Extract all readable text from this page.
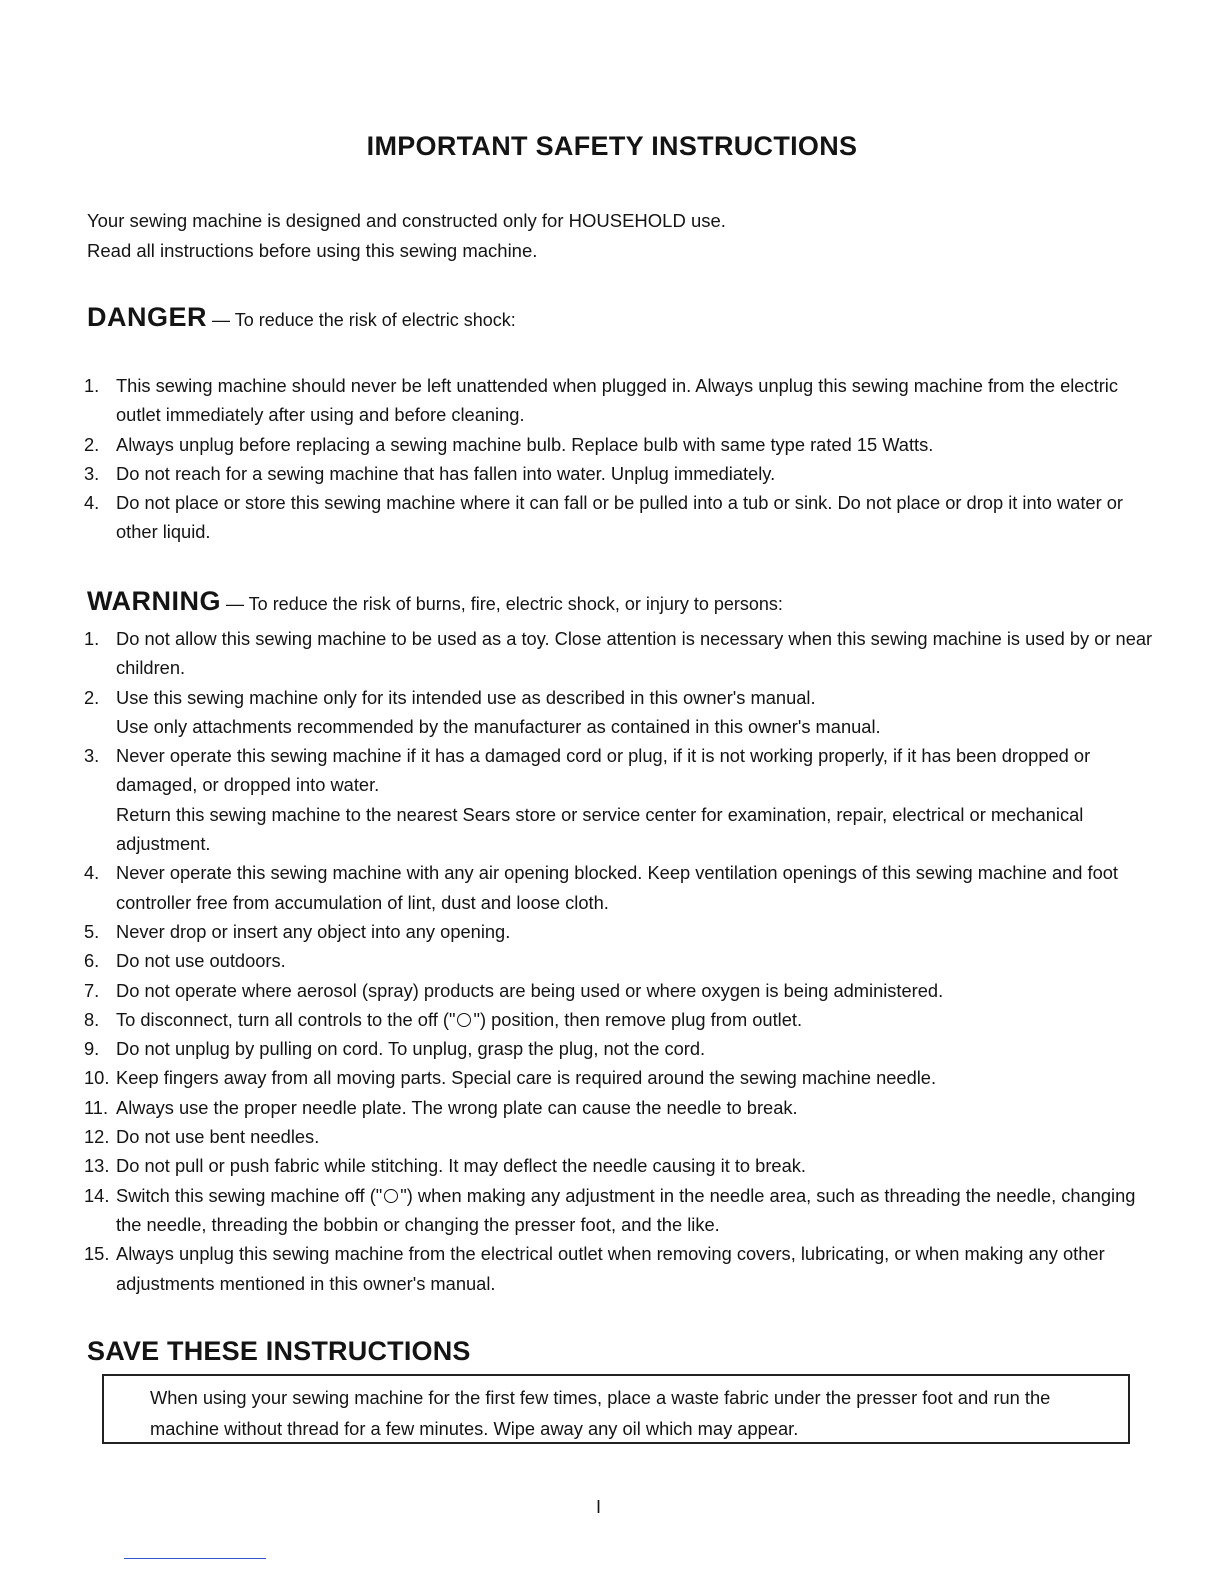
IMPORTANT SAFETY INSTRUCTIONS
Your sewing machine is designed and constructed only for HOUSEHOLD use.
Read all instructions before using this sewing machine.
DANGER — To reduce the risk of electric shock:
1. This sewing machine should never be left unattended when plugged in. Always unplug this sewing machine from the electric outlet immediately after using and before cleaning.
2. Always unplug before replacing a sewing machine bulb. Replace bulb with same type rated 15 Watts.
3. Do not reach for a sewing machine that has fallen into water. Unplug immediately.
4. Do not place or store this sewing machine where it can fall or be pulled into a tub or sink. Do not place or drop it into water or other liquid.
WARNING — To reduce the risk of burns, fire, electric shock, or injury to persons:
1. Do not allow this sewing machine to be used as a toy. Close attention is necessary when this sewing machine is used by or near children.
2. Use this sewing machine only for its intended use as described in this owner's manual.
Use only attachments recommended by the manufacturer as contained in this owner's manual.
3. Never operate this sewing machine if it has a damaged cord or plug, if it is not working properly, if it has been dropped or damaged, or dropped into water.
Return this sewing machine to the nearest Sears store or service center for examination, repair, electrical or mechanical adjustment.
4. Never operate this sewing machine with any air opening blocked. Keep ventilation openings of this sewing machine and foot controller free from accumulation of lint, dust and loose cloth.
5. Never drop or insert any object into any opening.
6. Do not use outdoors.
7. Do not operate where aerosol (spray) products are being used or where oxygen is being administered.
8. To disconnect, turn all controls to the off (" ") position, then remove plug from outlet.
9. Do not unplug by pulling on cord. To unplug, grasp the plug, not the cord.
10. Keep fingers away from all moving parts. Special care is required around the sewing machine needle.
11. Always use the proper needle plate. The wrong plate can cause the needle to break.
12. Do not use bent needles.
13. Do not pull or push fabric while stitching. It may deflect the needle causing it to break.
14. Switch this sewing machine off (" ") when making any adjustment in the needle area, such as threading the needle, changing the needle, threading the bobbin or changing the presser foot, and the like.
15. Always unplug this sewing machine from the electrical outlet when removing covers, lubricating, or when making any other adjustments mentioned in this owner's manual.
SAVE THESE INSTRUCTIONS
When using your sewing machine for the first few times, place a waste fabric under the presser foot and run the machine without thread for a few minutes. Wipe away any oil which may appear.
I
